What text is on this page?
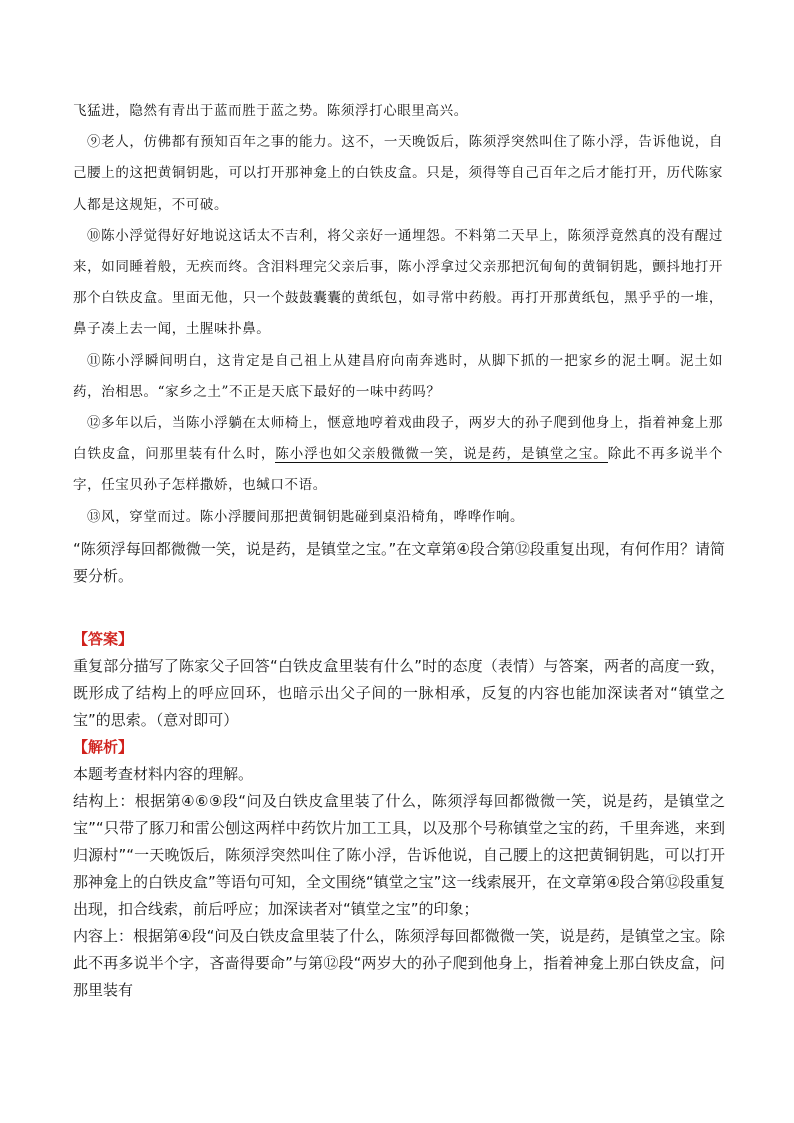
飞猛进，隐然有青出于蓝而胜于蓝之势。陈须浮打心眼里高兴。

⑨老人，仿佛都有预知百年之事的能力。这不，一天晚饭后，陈须浮突然叫住了陈小浮，告诉他说，自己腰上的这把黄铜钥匙，可以打开那神龛上的白铁皮盒。只是，须得等自己百年之后才能打开，历代陈家人都是这规矩，不可破。

⑩陈小浮觉得好好地说这话太不吉利，将父亲好一通埋怨。不料第二天早上，陈须浮竟然真的没有醒过来，如同睡着般，无疾而终。含泪料理完父亲后事，陈小浮拿过父亲那把沉甸甸的黄铜钥匙，颤抖地打开那个白铁皮盒。里面无他，只一个鼓鼓囊囊的黄纸包，如寻常中药般。再打开那黄纸包，黑乎乎的一堆，鼻子凑上去一闻，土腥味扑鼻。

⑪陈小浮瞬间明白，这肯定是自己祖上从建昌府向南奔逃时，从脚下抓的一把家乡的泥土啊。泥土如药，治相思。“家乡之土”不正是天底下最好的一味中药吗？

⑫多年以后，当陈小浮躺在太师椅上，惬意地哼着戏曲段子，两岁大的孙子爬到他身上，指着神龛上那白铁皮盒，问那里装有什么时，陈小浮也如父亲般微微一笑，说是药，是镇堂之宝。除此不再多说半个字，任宝贝孙子怎样撒娇，也缄口不语。

⑬风，穿堂而过。陈小浮腰间那把黄铜钥匙碰到桌沿椅角，哗哗作响。

“陈须浮每回都微微一笑，说是药，是镇堂之宝。”在文章第④段合第⑫段重复出现，有何作用？请简要分析。

【答案】

重复部分描写了陈家父子回答“白铁皮盒里装有什么”时的态度（表情）与答案，两者的高度一致，既形成了结构上的呼应回环，也暗示出父子间的一脉相承，反复的内容也能加深读者对“镇堂之宝”的思索。（意对即可）

【解析】

本题考查材料内容的理解。

结构上：根据第④⑥⑨段“问及白铁皮盒里装了什么，陈须浮每回都微微一笑，说是药，是镇堂之宝”“只带了豚刀和雷公刨这两样中药饮片加工工具，以及那个号称镇堂之宝的药，千里奔逃，来到归源村”“一天晚饭后，陈须浮突然叫住了陈小浮，告诉他说，自己腰上的这把黄铜钥匙，可以打开那神龛上的白铁皮盒”等语句可知，全文围绕“镇堂之宝”这一线索展开，在文章第④段合第⑫段重复出现，扣合线索，前后呼应；加深读者对“镇堂之宝”的印象；

内容上：根据第④段“问及白铁皮盒里装了什么，陈须浮每回都微微一笑，说是药，是镇堂之宝。除此不再多说半个字，吝啬得要命”与第⑫段“两岁大的孙子爬到他身上，指着神龛上那白铁皮盒，问那里装有
